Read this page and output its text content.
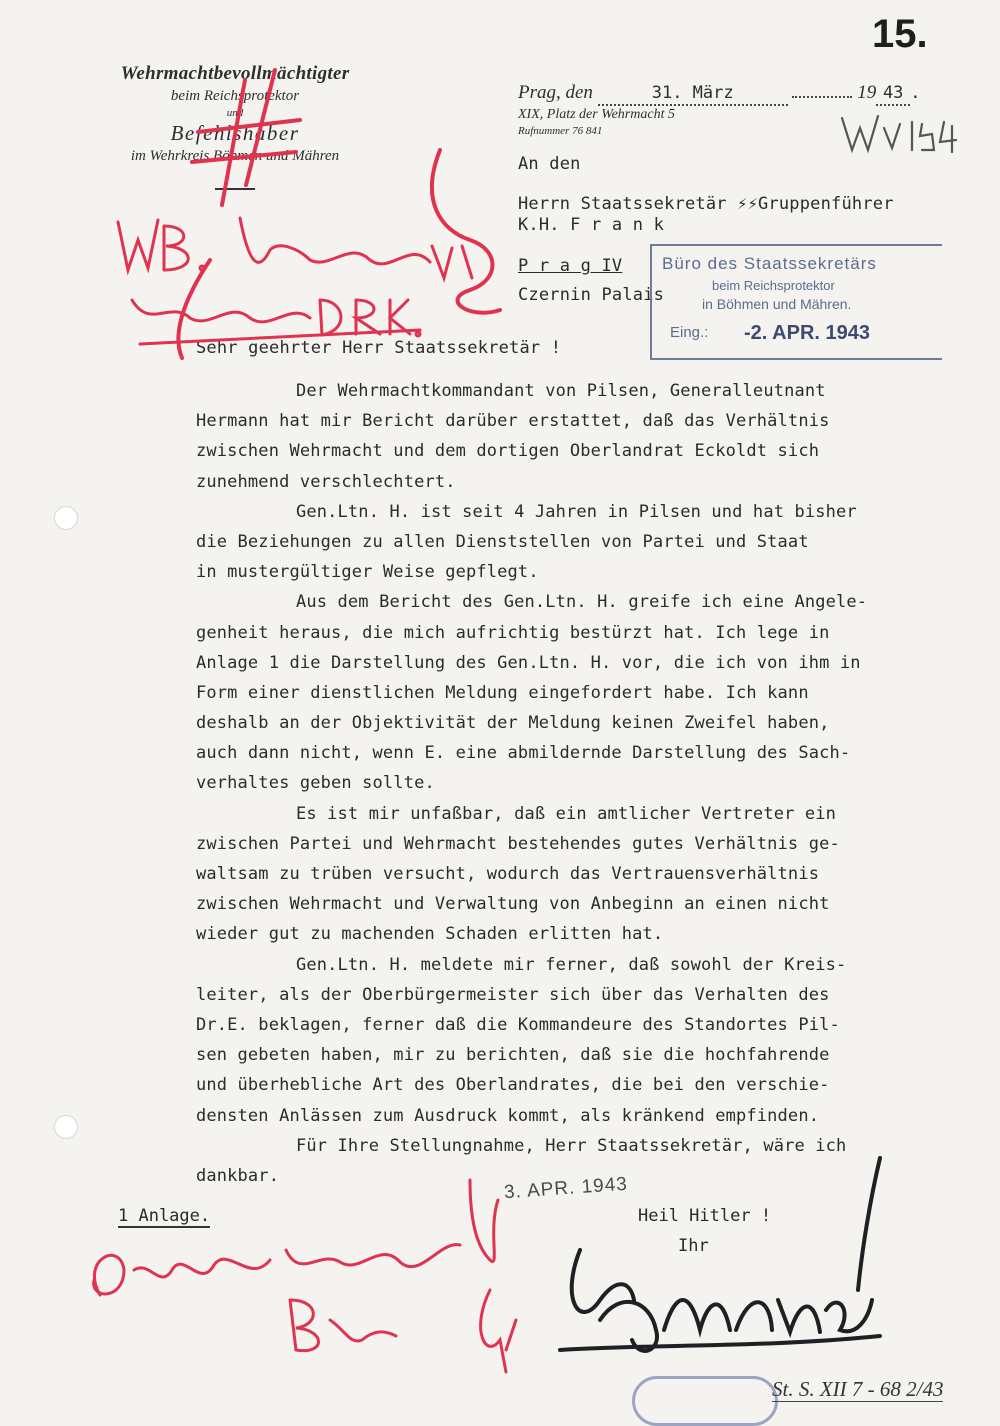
15.
Wehrmachtbevollmächtigter
beim Reichsprotektor
und
Befehlshaber
im Wehrkreis Böhmen und Mähren
Prag, den	31. März	19 43 .
XIX, Platz der Wehrmacht 5
Rufnummer 76 841
An den
Herrn Staatssekretär ⚡⚡Gruppenführer
K.H. F r a n k
P r a g IV
Czernin Palais
Büro des Staatssekretärs
beim Reichsprotektor
in Böhmen und Mähren.
Eing.: -2. APR. 1943
Sehr geehrter Herr Staatssekretär !
Der Wehrmachtkommandant von Pilsen, Generalleutnant
Hermann hat mir Bericht darüber erstattet, daß das Verhältnis
zwischen Wehrmacht und dem dortigen Oberlandrat Eckoldt sich
zunehmend verschlechtert.
Gen.Ltn. H. ist seit 4 Jahren in Pilsen und hat bisher
die Beziehungen zu allen Dienststellen von Partei und Staat
in mustergültiger Weise gepflegt.
Aus dem Bericht des Gen.Ltn. H. greife ich eine Angele-
genheit heraus, die mich aufrichtig bestürzt hat. Ich lege in
Anlage 1 die Darstellung des Gen.Ltn. H. vor, die ich von ihm in
Form einer dienstlichen Meldung eingefordert habe. Ich kann
deshalb an der Objektivität der Meldung keinen Zweifel haben,
auch dann nicht, wenn E. eine abmildernde Darstellung des Sach-
verhaltes geben sollte.
Es ist mir unfaßbar, daß ein amtlicher Vertreter ein
zwischen Partei und Wehrmacht bestehendes gutes Verhältnis ge-
waltsam zu trüben versucht, wodurch das Vertrauensverhältnis
zwischen Wehrmacht und Verwaltung von Anbeginn an einen nicht
wieder gut zu machenden Schaden erlitten hat.
Gen.Ltn. H. meldete mir ferner, daß sowohl der Kreis-
leiter, als der Oberbürgermeister sich über das Verhalten des
Dr.E. beklagen, ferner daß die Kommandeure des Standortes Pil-
sen gebeten haben, mir zu berichten, daß sie die hochfahrende
und überhebliche Art des Oberlandrates, die bei den verschie-
densten Anlässen zum Ausdruck kommt, als kränkend empfinden.
Für Ihre Stellungnahme, Herr Staatssekretär, wäre ich
dankbar.
1 Anlage.
3. APR. 1943
Heil Hitler !
Ihr
St. S. XII 7 - 68 2/43
